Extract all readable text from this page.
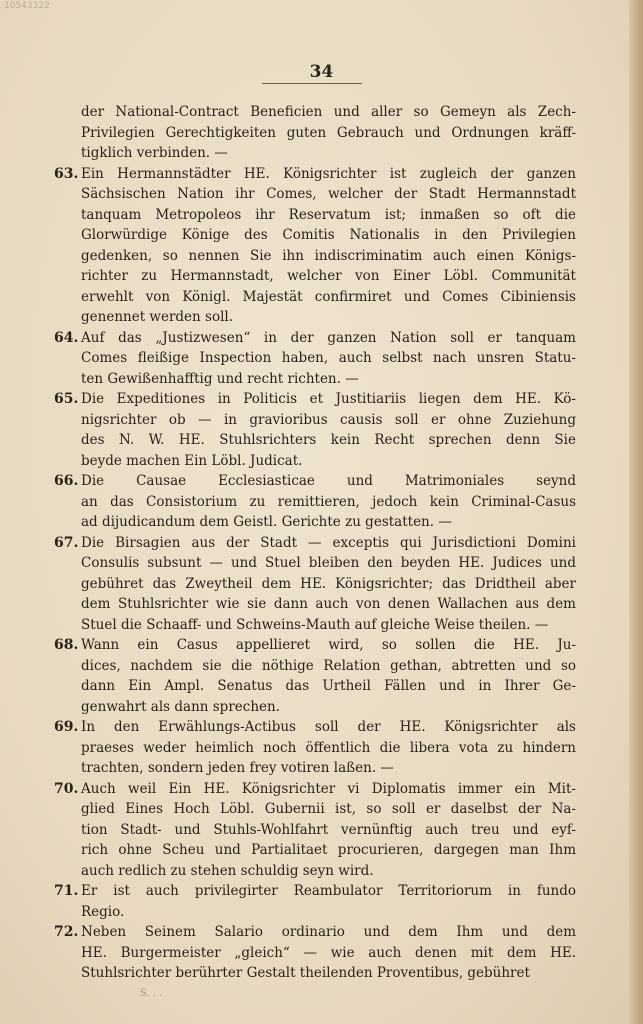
10543322
34
der National-Contract Beneficien und aller so Gemeyn als Zech-
Privilegien Gerechtigkeiten guten Gebrauch und Ordnungen kräff-
tigklich verbinden. —
63. Ein Hermannstädter HE. Königsrichter ist zugleich der ganzen
Sächsischen Nation ihr Comes, welcher der Stadt Hermannstadt
tanquam Metropoleos ihr Reservatum ist; inmaßen so oft die
Glorwürdige Könige des Comitis Nationalis in den Privilegien
gedenken, so nennen Sie ihn indiscriminatim auch einen Königs-
richter zu Hermannstadt, welcher von Einer Löbl. Communität
erwehlt von Königl. Majestät confirmiret und Comes Cibiniensis
genennet werden soll.
64. Auf das „Justizwesen“ in der ganzen Nation soll er tanquam
Comes fleißige Inspection haben, auch selbst nach unsren Statu-
ten Gewißenhafftig und recht richten. —
65. Die Expeditiones in Politicis et Justitiariis liegen dem HE. Kö-
nigsrichter ob — in gravioribus causis soll er ohne Zuziehung
des N. W. HE. Stuhlsrichters kein Recht sprechen denn Sie
beyde machen Ein Löbl. Judicat.
66. Die Causae Ecclesiasticae und Matrimoniales seynd
an das Consistorium zu remittieren, jedoch kein Criminal-Casus
ad dijudicandum dem Geistl. Gerichte zu gestatten. —
67. Die Birsagien aus der Stadt — exceptis qui Jurisdictioni Domini
Consulis subsunt — und Stuel bleiben den beyden HE. Judices und
gebühret das Zweytheil dem HE. Königsrichter; das Dridtheil aber
dem Stuhlsrichter wie sie dann auch von denen Wallachen aus dem
Stuel die Schaaff- und Schweins-Mauth auf gleiche Weise theilen. —
68. Wann ein Casus appellieret wird, so sollen die HE. Ju-
dices, nachdem sie die nöthige Relation gethan, abtretten und so
dann Ein Ampl. Senatus das Urtheil Fällen und in Ihrer Ge-
genwahrt als dann sprechen.
69. In den Erwählungs-Actibus soll der HE. Königsrichter als
praeses weder heimlich noch öffentlich die libera vota zu hindern
trachten, sondern jeden frey votiren laßen. —
70. Auch weil Ein HE. Königsrichter vi Diplomatis immer ein Mit-
glied Eines Hoch Löbl. Gubernii ist, so soll er daselbst der Na-
tion Stadt- und Stuhls-Wohlfahrt vernünftig auch treu und eyf-
rich ohne Scheu und Partialitaet procurieren, dargegen man Ihm
auch redlich zu stehen schuldig seyn wird.
71. Er ist auch privilegirter Reambulator Territoriorum in fundo
Regio.
72. Neben Seinem Salario ordinario und dem Ihm und dem
HE. Burgermeister „gleich“ — wie auch denen mit dem HE.
Stuhlsrichter berührter Gestalt theilenden Proventibus, gebühret
S. . .
